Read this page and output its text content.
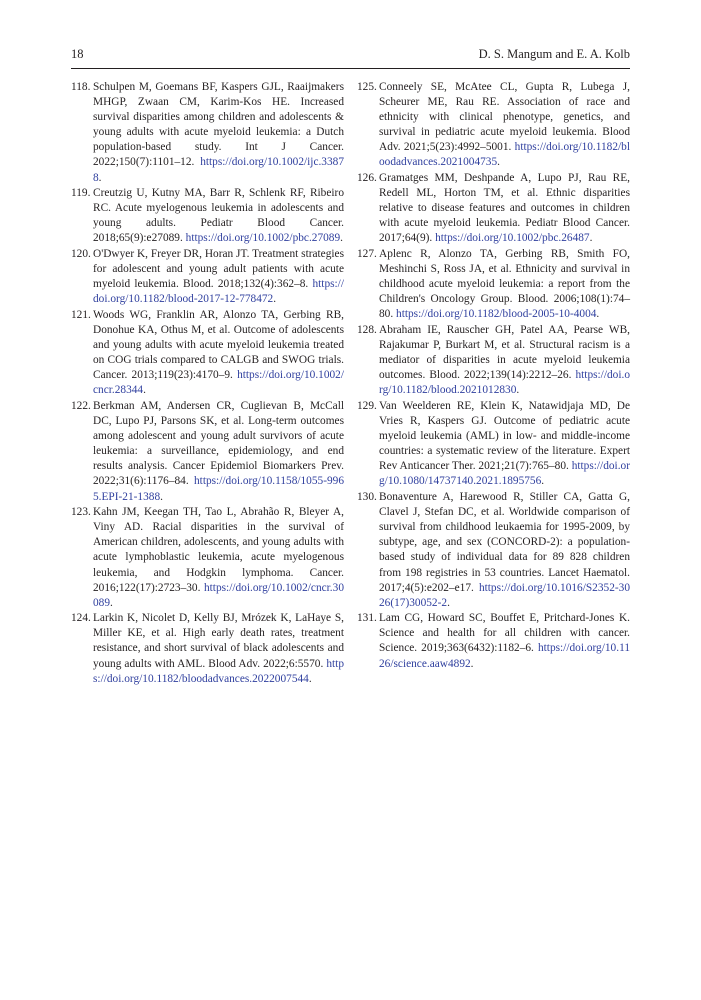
18	D. S. Mangum and E. A. Kolb
118. Schulpen M, Goemans BF, Kaspers GJL, Raaijmakers MHGP, Zwaan CM, Karim-Kos HE. Increased survival disparities among children and adolescents & young adults with acute myeloid leukemia: a Dutch population-based study. Int J Cancer. 2022;150(7):1101–12. https://doi.org/10.1002/ijc.33878.
119. Creutzig U, Kutny MA, Barr R, Schlenk RF, Ribeiro RC. Acute myelogenous leukemia in adolescents and young adults. Pediatr Blood Cancer. 2018;65(9):e27089. https://doi.org/10.1002/pbc.27089.
120. O'Dwyer K, Freyer DR, Horan JT. Treatment strategies for adolescent and young adult patients with acute myeloid leukemia. Blood. 2018;132(4):362–8. https://doi.org/10.1182/blood-2017-12-778472.
121. Woods WG, Franklin AR, Alonzo TA, Gerbing RB, Donohue KA, Othus M, et al. Outcome of adolescents and young adults with acute myeloid leukemia treated on COG trials compared to CALGB and SWOG trials. Cancer. 2013;119(23):4170–9. https://doi.org/10.1002/cncr.28344.
122. Berkman AM, Andersen CR, Cuglievan B, McCall DC, Lupo PJ, Parsons SK, et al. Long-term outcomes among adolescent and young adult survivors of acute leukemia: a surveillance, epidemiology, and end results analysis. Cancer Epidemiol Biomarkers Prev. 2022;31(6):1176–84. https://doi.org/10.1158/1055-9965.EPI-21-1388.
123. Kahn JM, Keegan TH, Tao L, Abrahão R, Bleyer A, Viny AD. Racial disparities in the survival of American children, adolescents, and young adults with acute lymphoblastic leukemia, acute myelogenous leukemia, and Hodgkin lymphoma. Cancer. 2016;122(17):2723–30. https://doi.org/10.1002/cncr.30089.
124. Larkin K, Nicolet D, Kelly BJ, Mrózek K, LaHaye S, Miller KE, et al. High early death rates, treatment resistance, and short survival of black adolescents and young adults with AML. Blood Adv. 2022;6:5570. https://doi.org/10.1182/bloodadvances.2022007544.
125. Conneely SE, McAtee CL, Gupta R, Lubega J, Scheurer ME, Rau RE. Association of race and ethnicity with clinical phenotype, genetics, and survival in pediatric acute myeloid leukemia. Blood Adv. 2021;5(23):4992–5001. https://doi.org/10.1182/bloodadvances.2021004735.
126. Gramatges MM, Deshpande A, Lupo PJ, Rau RE, Redell ML, Horton TM, et al. Ethnic disparities relative to disease features and outcomes in children with acute myeloid leukemia. Pediatr Blood Cancer. 2017;64(9). https://doi.org/10.1002/pbc.26487.
127. Aplenc R, Alonzo TA, Gerbing RB, Smith FO, Meshinchi S, Ross JA, et al. Ethnicity and survival in childhood acute myeloid leukemia: a report from the Children's Oncology Group. Blood. 2006;108(1):74–80. https://doi.org/10.1182/blood-2005-10-4004.
128. Abraham IE, Rauscher GH, Patel AA, Pearse WB, Rajakumar P, Burkart M, et al. Structural racism is a mediator of disparities in acute myeloid leukemia outcomes. Blood. 2022;139(14):2212–26. https://doi.org/10.1182/blood.2021012830.
129. Van Weelderen RE, Klein K, Natawidjaja MD, De Vries R, Kaspers GJ. Outcome of pediatric acute myeloid leukemia (AML) in low- and middle-income countries: a systematic review of the literature. Expert Rev Anticancer Ther. 2021;21(7):765–80. https://doi.org/10.1080/14737140.2021.1895756.
130. Bonaventure A, Harewood R, Stiller CA, Gatta G, Clavel J, Stefan DC, et al. Worldwide comparison of survival from childhood leukaemia for 1995-2009, by subtype, age, and sex (CONCORD-2): a population-based study of individual data for 89 828 children from 198 registries in 53 countries. Lancet Haematol. 2017;4(5):e202–e17. https://doi.org/10.1016/S2352-3026(17)30052-2.
131. Lam CG, Howard SC, Bouffet E, Pritchard-Jones K. Science and health for all children with cancer. Science. 2019;363(6432):1182–6. https://doi.org/10.1126/science.aaw4892.
